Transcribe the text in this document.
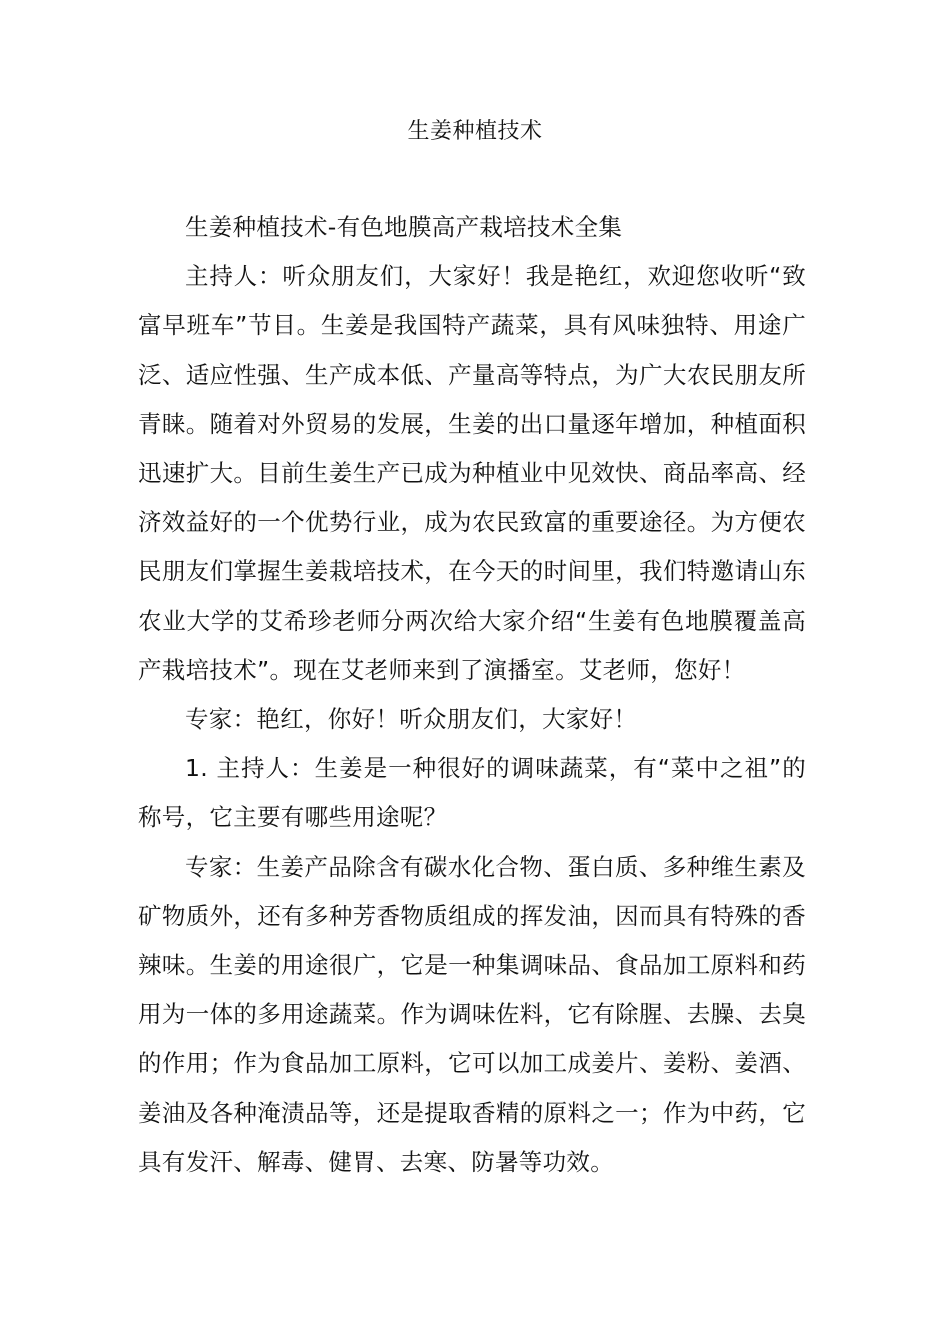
生姜种植技术

生姜种植技术-有色地膜高产栽培技术全集

主持人：听众朋友们，大家好！我是艳红，欢迎您收听“致富早班车”节目。生姜是我国特产蔬菜，具有风味独特、用途广泛、适应性强、生产成本低、产量高等特点，为广大农民朋友所青睐。随着对外贸易的发展，生姜的出口量逐年增加，种植面积迅速扩大。目前生姜生产已成为种植业中见效快、商品率高、经济效益好的一个优势行业，成为农民致富的重要途径。为方便农民朋友们掌握生姜栽培技术，在今天的时间里，我们特邀请山东农业大学的艾希珍老师分两次给大家介绍“生姜有色地膜覆盖高产栽培技术”。现在艾老师来到了演播室。艾老师，您好！

专家：艳红，你好！听众朋友们，大家好！

1. 主持人：生姜是一种很好的调味蔬菜，有“菜中之祖”的称号，它主要有哪些用途呢？

专家：生姜产品除含有碳水化合物、蛋白质、多种维生素及矿物质外，还有多种芳香物质组成的挥发油，因而具有特殊的香辣味。生姜的用途很广，它是一种集调味品、食品加工原料和药用为一体的多用途蔬菜。作为调味佐料，它有除腥、去臊、去臭的作用；作为食品加工原料，它可以加工成姜片、姜粉、姜酒、姜油及各种淹渍品等，还是提取香精的原料之一；作为中药，它具有发汗、解毒、健胃、去寒、防暑等功效。
